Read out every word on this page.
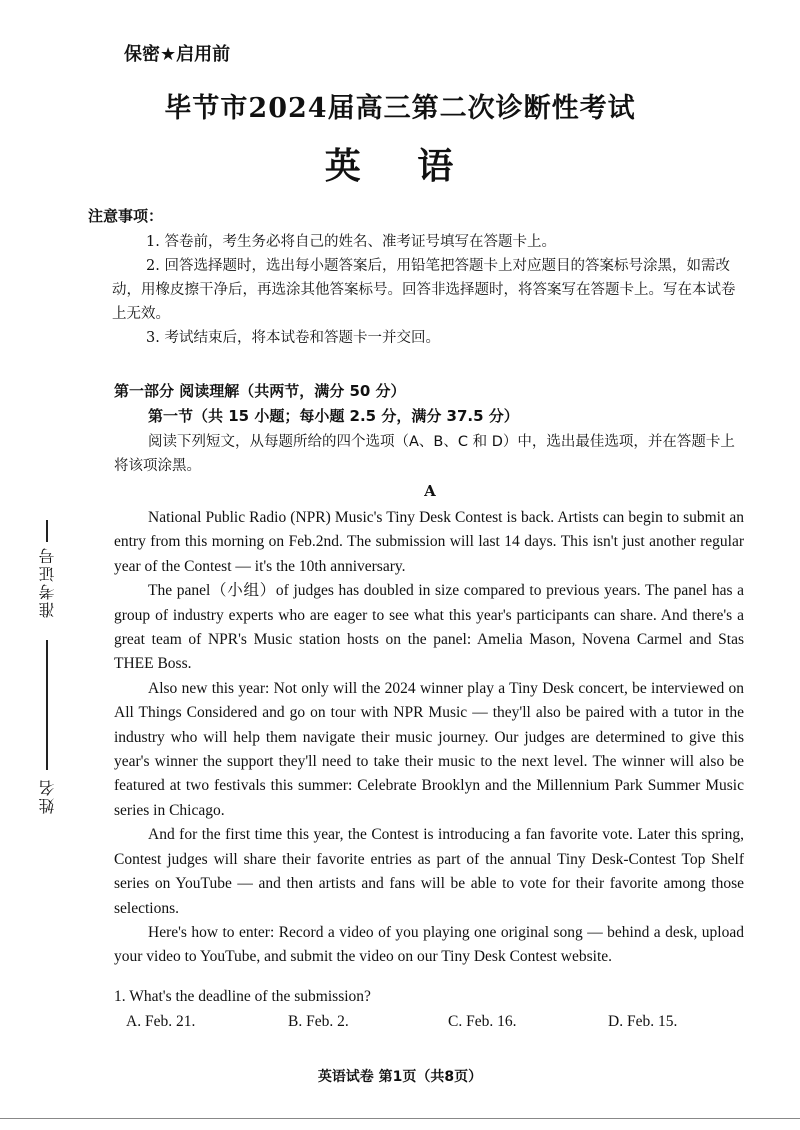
准考证号
姓名
保密★启用前
毕节市2024届高三第二次诊断性考试
英 语
注意事项：

1. 答卷前，考生务必将自己的姓名、准考证号填写在答题卡上。

2. 回答选择题时，选出每小题答案后，用铅笔把答题卡上对应题目的答案标号涂黑，如需改动，用橡皮擦干净后，再选涂其他答案标号。回答非选择题时，将答案写在答题卡上。写在本试卷上无效。

3. 考试结束后，将本试卷和答题卡一并交回。

第一部分 阅读理解（共两节，满分 50 分）
第一节（共 15 小题；每小题 2.5 分，满分 37.5 分）
阅读下列短文，从每题所给的四个选项（A、B、C 和 D）中，选出最佳选项，并在答题卡上将该项涂黑。
A

National Public Radio (NPR) Music's Tiny Desk Contest is back. Artists can begin to submit an entry from this morning on Feb.2nd. The submission will last 14 days. This isn't just another regular year of the Contest — it's the 10th anniversary.

The panel（小组）of judges has doubled in size compared to previous years. The panel has a group of industry experts who are eager to see what this year's participants can share. And there's a great team of NPR's Music station hosts on the panel: Amelia Mason, Novena Carmel and Stas THEE Boss.

Also new this year: Not only will the 2024 winner play a Tiny Desk concert, be interviewed on All Things Considered and go on tour with NPR Music — they'll also be paired with a tutor in the industry who will help them navigate their music journey. Our judges are determined to give this year's winner the support they'll need to take their music to the next level. The winner will also be featured at two festivals this summer: Celebrate Brooklyn and the Millennium Park Summer Music series in Chicago.

And for the first time this year, the Contest is introducing a fan favorite vote. Later this spring, Contest judges will share their favorite entries as part of the annual Tiny Desk-Contest Top Shelf series on YouTube — and then artists and fans will be able to vote for their favorite among those selections.

Here's how to enter: Record a video of you playing one original song — behind a desk, upload your video to YouTube, and submit the video on our Tiny Desk Contest website.

1. What's the deadline of the submission?
A. Feb. 21.	B. Feb. 2.	C. Feb. 16.	D. Feb. 15.
英语试卷 第1页（共8页）
